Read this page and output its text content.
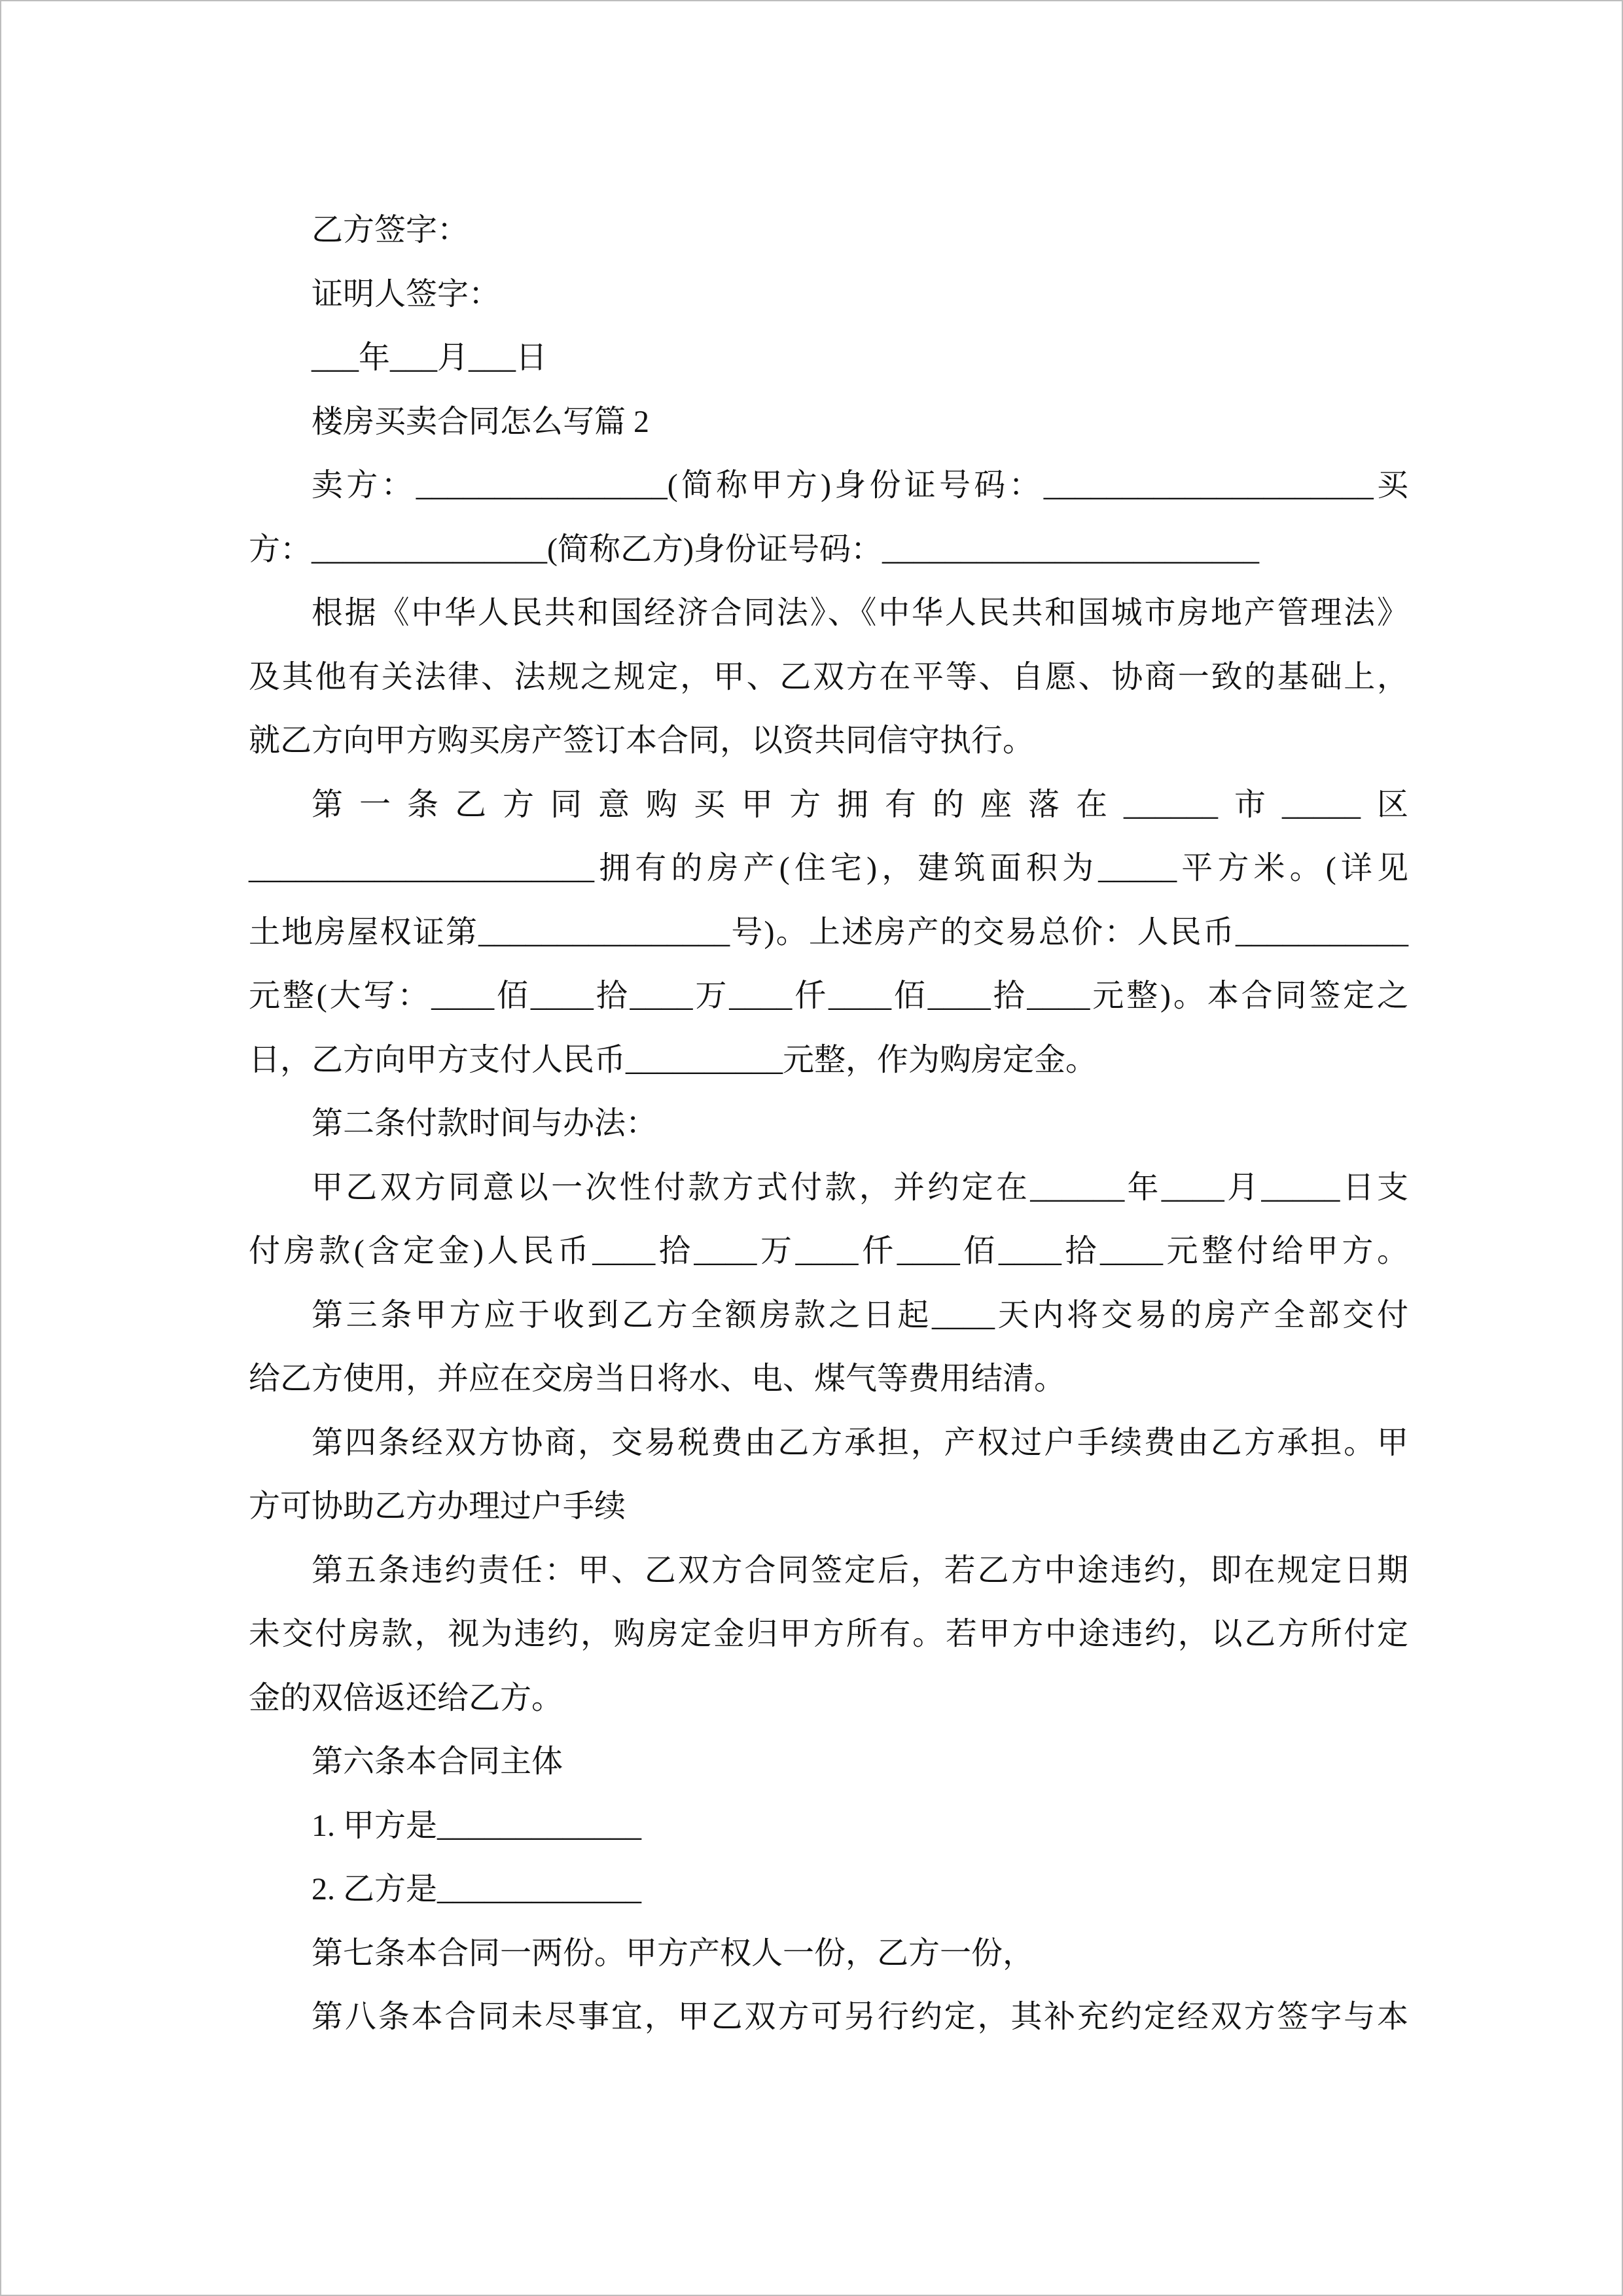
乙方签字：
证明人签字：
___年___月___日
楼房买卖合同怎么写篇 2
卖方：________________(简称甲方)身份证号码：_____________________买
方：_______________(简称乙方)身份证号码：________________________
根据《中华人民共和国经济合同法》、《中华人民共和国城市房地产管理法》
及其他有关法律、法规之规定，甲、乙双方在平等、自愿、协商一致的基础上，
就乙方向甲方购买房产签订本合同，以资共同信守执行。
第一条乙方同意购买甲方拥有的座落在______市_____区
______________________拥有的房产(住宅)，建筑面积为_____平方米。(详见
土地房屋权证第________________号)。上述房产的交易总价：人民币___________
元整(大写：____佰____拾____万____仟____佰____拾____元整)。本合同签定之
日，乙方向甲方支付人民币__________元整，作为购房定金。
第二条付款时间与办法：
甲乙双方同意以一次性付款方式付款，并约定在______年____月_____日支
付房款(含定金)人民币____拾____万____仟____佰____拾____元整付给甲方。
第三条甲方应于收到乙方全额房款之日起____天内将交易的房产全部交付
给乙方使用，并应在交房当日将水、电、煤气等费用结清。
第四条经双方协商，交易税费由乙方承担，产权过户手续费由乙方承担。甲
方可协助乙方办理过户手续
第五条违约责任：甲、乙双方合同签定后，若乙方中途违约，即在规定日期
未交付房款，视为违约，购房定金归甲方所有。若甲方中途违约，以乙方所付定
金的双倍返还给乙方。
第六条本合同主体
1. 甲方是_____________
2. 乙方是_____________
第七条本合同一两份。甲方产权人一份，乙方一份，
第八条本合同未尽事宜，甲乙双方可另行约定，其补充约定经双方签字与本
